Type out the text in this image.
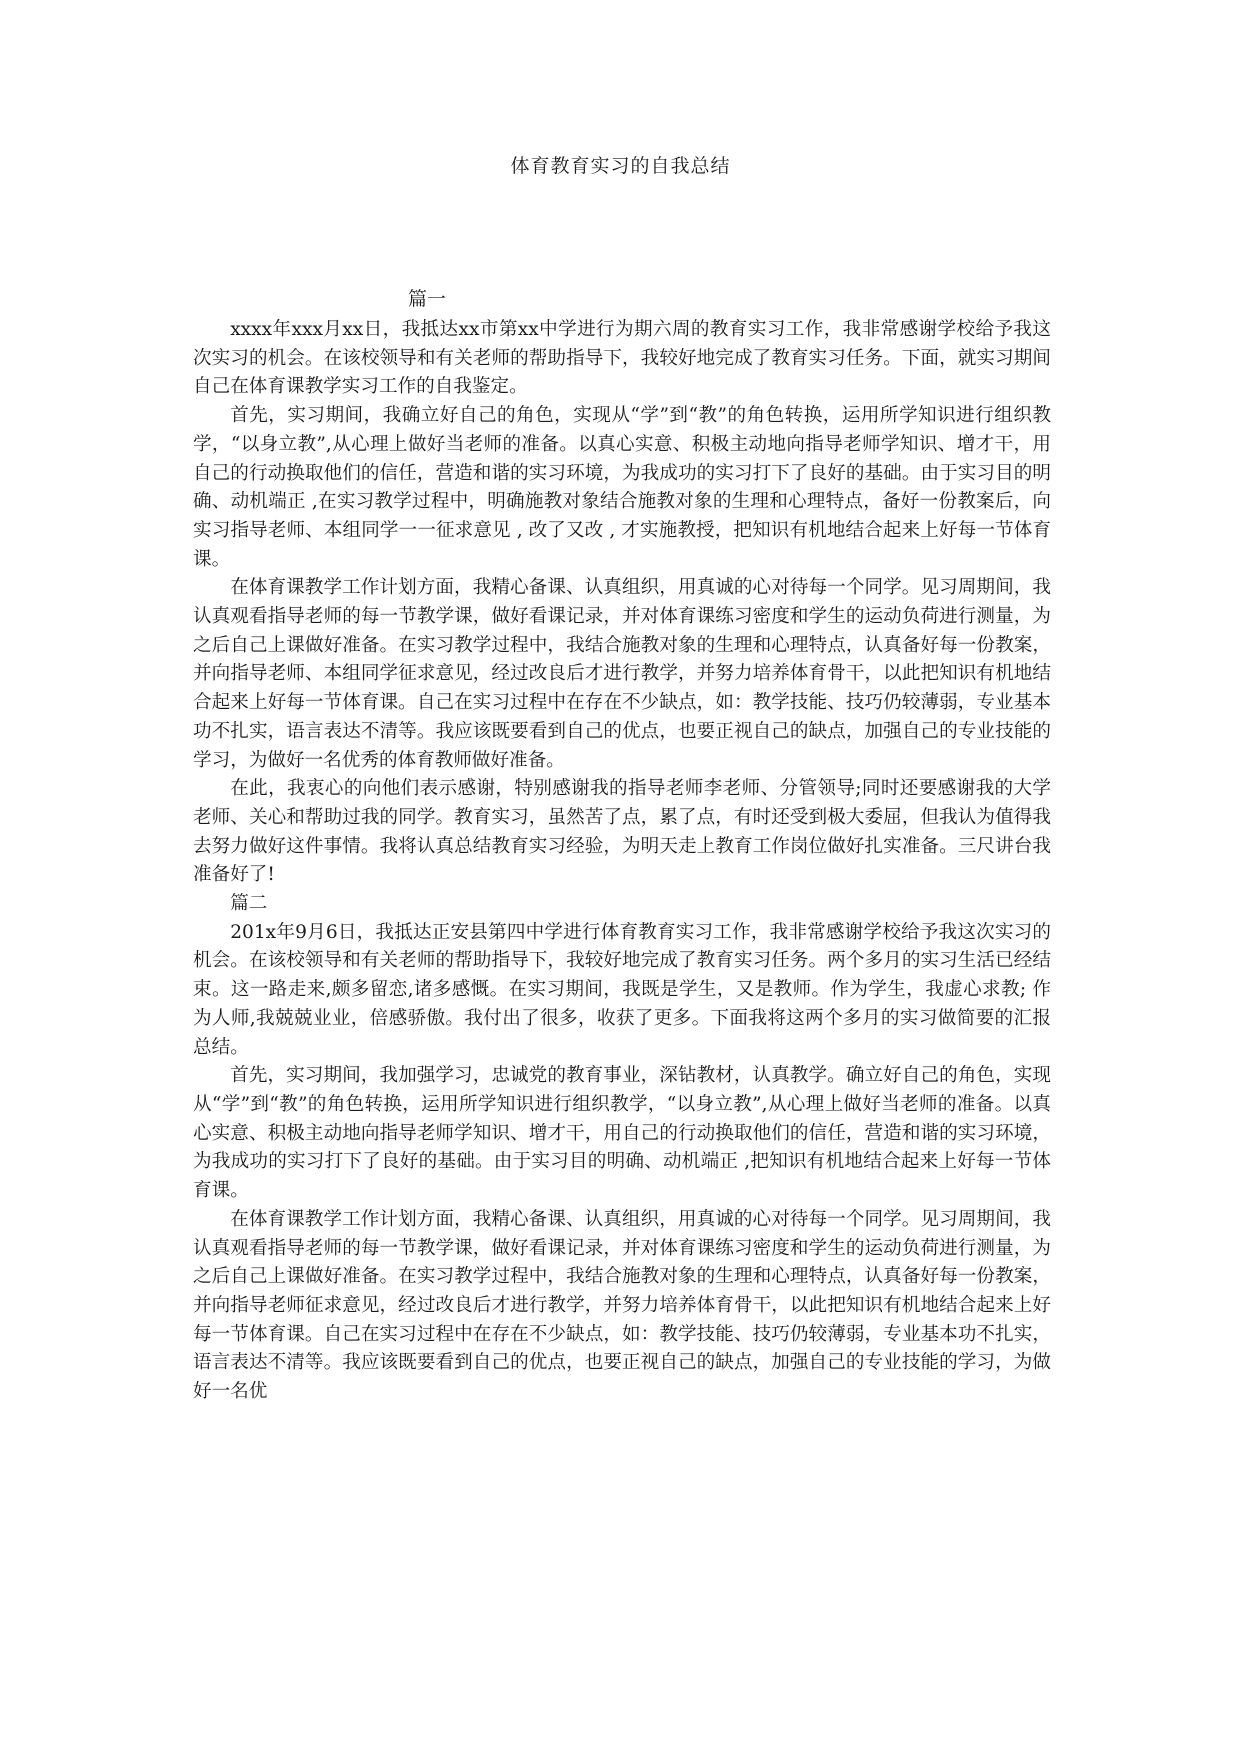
体育教育实习的自我总结
篇一

xxxx年xxx月xx日，我抵达xx市第xx中学进行为期六周的教育实习工作，我非常感谢学校给予我这次实习的机会。在该校领导和有关老师的帮助指导下，我较好地完成了教育实习任务。下面，就实习期间自己在体育课教学实习工作的自我鉴定。

首先，实习期间，我确立好自己的角色，实现从“学”到“教”的角色转换，运用所学知识进行组织教学，“以身立教”,从心理上做好当老师的准备。以真心实意、积极主动地向指导老师学知识、增才干，用自己的行动换取他们的信任，营造和谐的实习环境，为我成功的实习打下了良好的基础。由于实习目的明确、动机端正 ,在实习教学过程中，明确施教对象结合施教对象的生理和心理特点，备好一份教案后，向实习指导老师、本组同学一一征求意见 , 改了又改 , 才实施教授，把知识有机地结合起来上好每一节体育课。

在体育课教学工作计划方面，我精心备课、认真组织，用真诚的心对待每一个同学。见习周期间，我认真观看指导老师的每一节教学课，做好看课记录，并对体育课练习密度和学生的运动负荷进行测量，为之后自己上课做好准备。在实习教学过程中，我结合施教对象的生理和心理特点，认真备好每一份教案，并向指导老师、本组同学征求意见，经过改良后才进行教学，并努力培养体育骨干，以此把知识有机地结合起来上好每一节体育课。自己在实习过程中在存在不少缺点，如：教学技能、技巧仍较薄弱，专业基本功不扎实，语言表达不清等。我应该既要看到自己的优点，也要正视自己的缺点，加强自己的专业技能的学习，为做好一名优秀的体育教师做好准备。

在此，我衷心的向他们表示感谢，特别感谢我的指导老师李老师、分管领导;同时还要感谢我的大学老师、关心和帮助过我的同学。教育实习，虽然苦了点，累了点，有时还受到极大委屈，但我认为值得我去努力做好这件事情。我将认真总结教育实习经验，为明天走上教育工作岗位做好扎实准备。三尺讲台我准备好了!

篇二

201x年9月6日，我抵达正安县第四中学进行体育教育实习工作，我非常感谢学校给予我这次实习的机会。在该校领导和有关老师的帮助指导下，我较好地完成了教育实习任务。两个多月的实习生活已经结束。这一路走来,颇多留恋,诸多感慨。在实习期间，我既是学生，又是教师。作为学生，我虚心求教; 作为人师,我兢兢业业，倍感骄傲。我付出了很多，收获了更多。下面我将这两个多月的实习做简要的汇报总结。

首先，实习期间，我加强学习，忠诚党的教育事业，深钻教材，认真教学。确立好自己的角色，实现从“学”到“教”的角色转换，运用所学知识进行组织教学，“以身立教”,从心理上做好当老师的准备。以真心实意、积极主动地向指导老师学知识、增才干，用自己的行动换取他们的信任，营造和谐的实习环境，为我成功的实习打下了良好的基础。由于实习目的明确、动机端正 ,把知识有机地结合起来上好每一节体育课。

在体育课教学工作计划方面，我精心备课、认真组织，用真诚的心对待每一个同学。见习周期间，我认真观看指导老师的每一节教学课，做好看课记录，并对体育课练习密度和学生的运动负荷进行测量，为之后自己上课做好准备。在实习教学过程中，我结合施教对象的生理和心理特点，认真备好每一份教案，并向指导老师征求意见，经过改良后才进行教学，并努力培养体育骨干，以此把知识有机地结合起来上好每一节体育课。自己在实习过程中在存在不少缺点，如：教学技能、技巧仍较薄弱，专业基本功不扎实，语言表达不清等。我应该既要看到自己的优点，也要正视自己的缺点，加强自己的专业技能的学习，为做好一名优
